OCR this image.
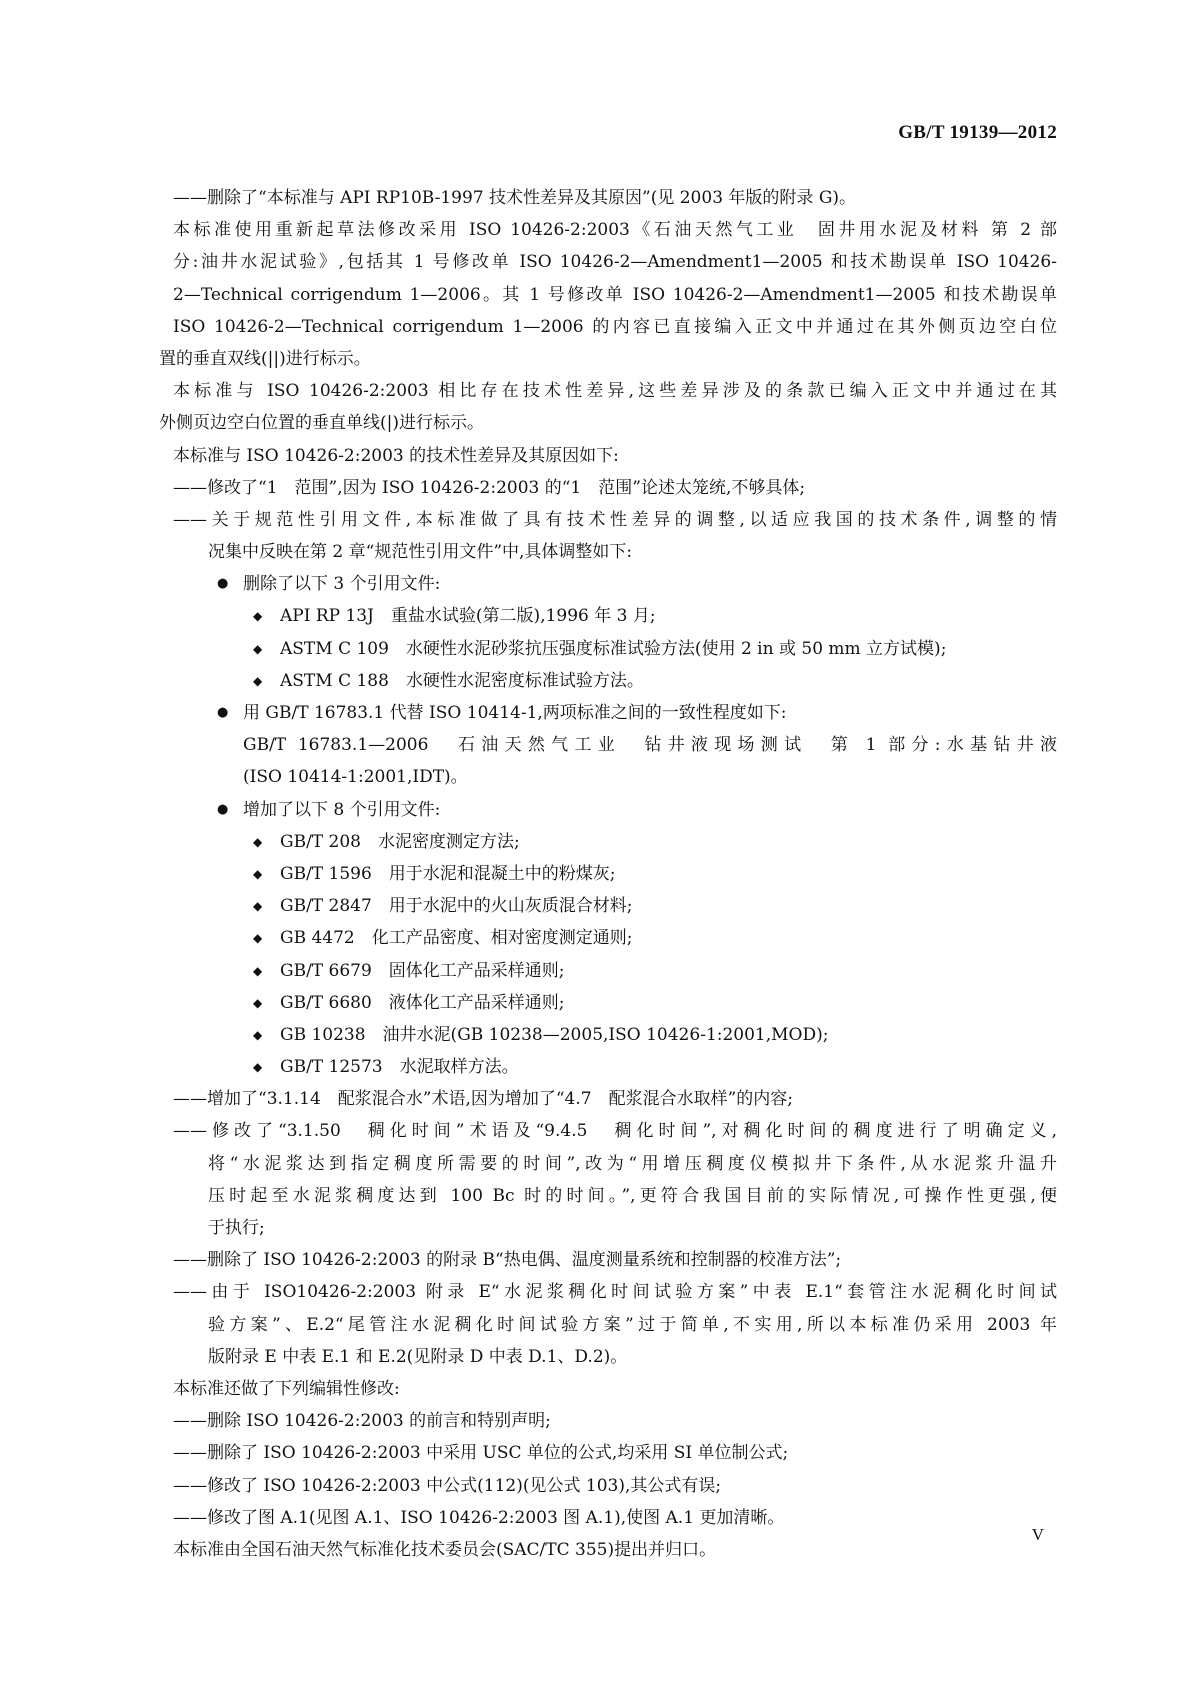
GB/T 19139—2012
——删除了“本标准与 API RP10B-1997 技术性差异及其原因”(见 2003 年版的附录 G)。
本标准使用重新起草法修改采用 ISO 10426-2:2003《石油天然气工业　固井用水泥及材料 第 2 部
分:油井水泥试验》,包括其 1 号修改单 ISO 10426-2—Amendment1—2005 和技术勘误单 ISO 10426-
2—Technical corrigendum 1—2006。其 1 号修改单 ISO 10426-2—Amendment1—2005 和技术勘误单
ISO 10426-2—Technical corrigendum 1—2006 的内容已直接编入正文中并通过在其外侧页边空白位
置的垂直双线(||)进行标示。
本标准与 ISO 10426-2:2003 相比存在技术性差异,这些差异涉及的条款已编入正文中并通过在其
外侧页边空白位置的垂直单线(|)进行标示。
本标准与 ISO 10426-2:2003 的技术性差异及其原因如下:
——修改了“1　范围”,因为 ISO 10426-2:2003 的“1　范围”论述太笼统,不够具体;
——关于规范性引用文件,本标准做了具有技术性差异的调整,以适应我国的技术条件,调整的情
况集中反映在第 2 章“规范性引用文件”中,具体调整如下:
● 删除了以下 3 个引用文件:
◆ API RP 13J　重盐水试验(第二版),1996 年 3 月;
◆ ASTM C 109　水硬性水泥砂浆抗压强度标准试验方法(使用 2 in 或 50 mm 立方试模);
◆ ASTM C 188　水硬性水泥密度标准试验方法。
● 用 GB/T 16783.1 代替 ISO 10414-1,两项标准之间的一致性程度如下:
GB/T 16783.1—2006　石油天然气工业　钻井液现场测试　第 1 部分:水基钻井液
(ISO 10414-1:2001,IDT)。
● 增加了以下 8 个引用文件:
◆ GB/T 208　水泥密度测定方法;
◆ GB/T 1596　用于水泥和混凝土中的粉煤灰;
◆ GB/T 2847　用于水泥中的火山灰质混合材料;
◆ GB 4472　化工产品密度、相对密度测定通则;
◆ GB/T 6679　固体化工产品采样通则;
◆ GB/T 6680　液体化工产品采样通则;
◆ GB 10238　油井水泥(GB 10238—2005,ISO 10426-1:2001,MOD);
◆ GB/T 12573　水泥取样方法。
——增加了“3.1.14　配浆混合水”术语,因为增加了“4.7　配浆混合水取样”的内容;
——修改了“3.1.50　稠化时间”术语及“9.4.5　稠化时间”,对稠化时间的稠度进行了明确定义,
将“水泥浆达到指定稠度所需要的时间”,改为“用增压稠度仪模拟井下条件,从水泥浆升温升
压时起至水泥浆稠度达到 100 Bc 时的时间。”,更符合我国目前的实际情况,可操作性更强,便
于执行;
——删除了 ISO 10426-2:2003 的附录 B“热电偶、温度测量系统和控制器的校准方法”;
——由于 ISO10426-2:2003 附录 E“水泥浆稠化时间试验方案”中表 E.1“套管注水泥稠化时间试
验方案”、E.2“尾管注水泥稠化时间试验方案”过于简单,不实用,所以本标准仍采用 2003 年
版附录 E 中表 E.1 和 E.2(见附录 D 中表 D.1、D.2)。
本标准还做了下列编辑性修改:
——删除 ISO 10426-2:2003 的前言和特别声明;
——删除了 ISO 10426-2:2003 中采用 USC 单位的公式,均采用 SI 单位制公式;
——修改了 ISO 10426-2:2003 中公式(112)(见公式 103),其公式有误;
——修改了图 A.1(见图 A.1、ISO 10426-2:2003 图 A.1),使图 A.1 更加清晰。
本标准由全国石油天然气标准化技术委员会(SAC/TC 355)提出并归口。
V
